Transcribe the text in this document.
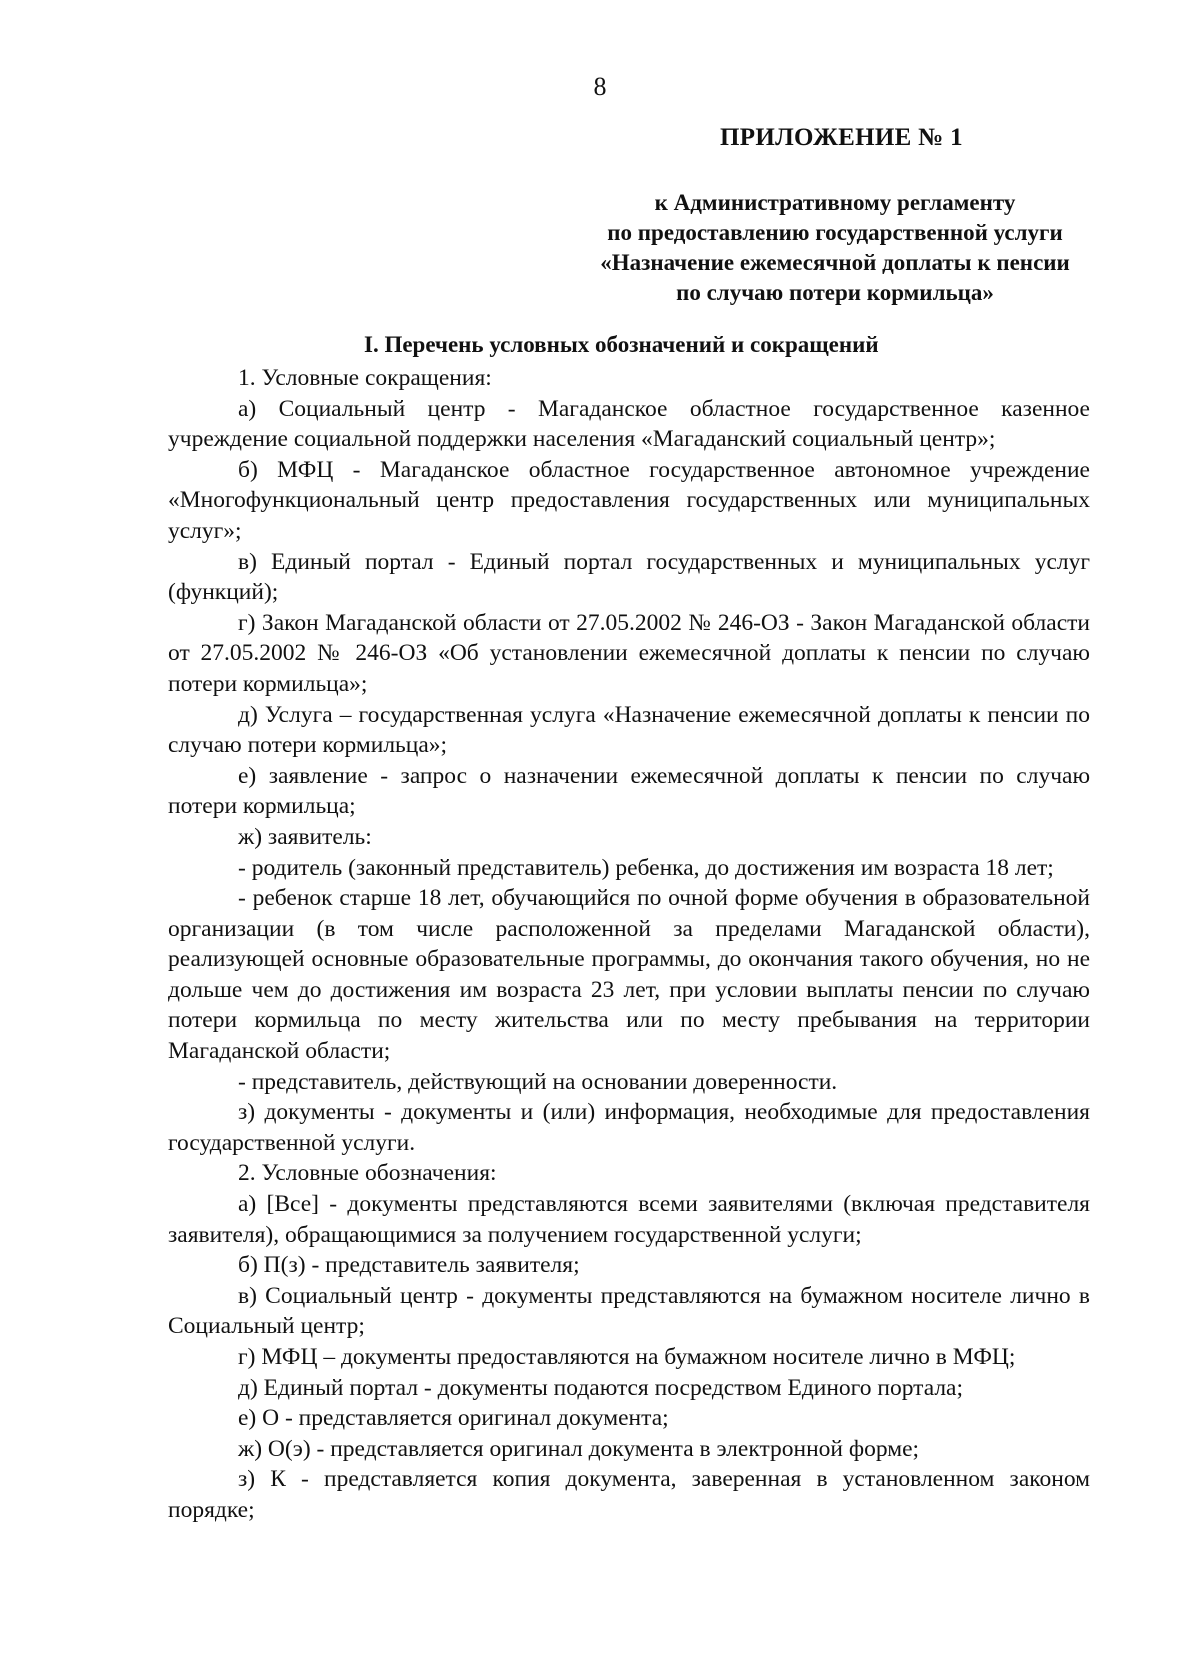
8
ПРИЛОЖЕНИЕ № 1
к Административному регламенту
по предоставлению государственной услуги
«Назначение ежемесячной доплаты к пенсии
по случаю потери кормильца»
I. Перечень условных обозначений и сокращений

1. Условные сокращения:

а) Социальный центр - Магаданское областное государственное казенное учреждение социальной поддержки населения «Магаданский социальный центр»;

б) МФЦ - Магаданское областное государственное автономное учреждение «Многофункциональный центр предоставления государственных или муниципальных услуг»;

в) Единый портал - Единый портал государственных и муниципальных услуг (функций);

г) Закон Магаданской области от 27.05.2002 № 246-ОЗ - Закон Магаданской области от 27.05.2002 № 246-ОЗ «Об установлении ежемесячной доплаты к пенсии по случаю потери кормильца»;

д) Услуга – государственная услуга «Назначение ежемесячной доплаты к пенсии по случаю потери кормильца»;

е) заявление - запрос о назначении ежемесячной доплаты к пенсии по случаю потери кормильца;

ж) заявитель:

- родитель (законный представитель) ребенка, до достижения им возраста 18 лет;

- ребенок старше 18 лет, обучающийся по очной форме обучения в образовательной организации (в том числе расположенной за пределами Магаданской области), реализующей основные образовательные программы, до окончания такого обучения, но не дольше чем до достижения им возраста 23 лет, при условии выплаты пенсии по случаю потери кормильца по месту жительства или по месту пребывания на территории Магаданской области;

- представитель, действующий на основании доверенности.

з) документы - документы и (или) информация, необходимые для предоставления государственной услуги.

2. Условные обозначения:

а) [Все] - документы представляются всеми заявителями (включая представителя заявителя), обращающимися за получением государственной услуги;

б) П(з) - представитель заявителя;

в) Социальный центр - документы представляются на бумажном носителе лично в Социальный центр;

г) МФЦ – документы предоставляются на бумажном носителе лично в МФЦ;

д) Единый портал - документы подаются посредством Единого портала;

е) О - представляется оригинал документа;

ж) О(э) - представляется оригинал документа в электронной форме;

з) К - представляется копия документа, заверенная в установленном законом порядке;
